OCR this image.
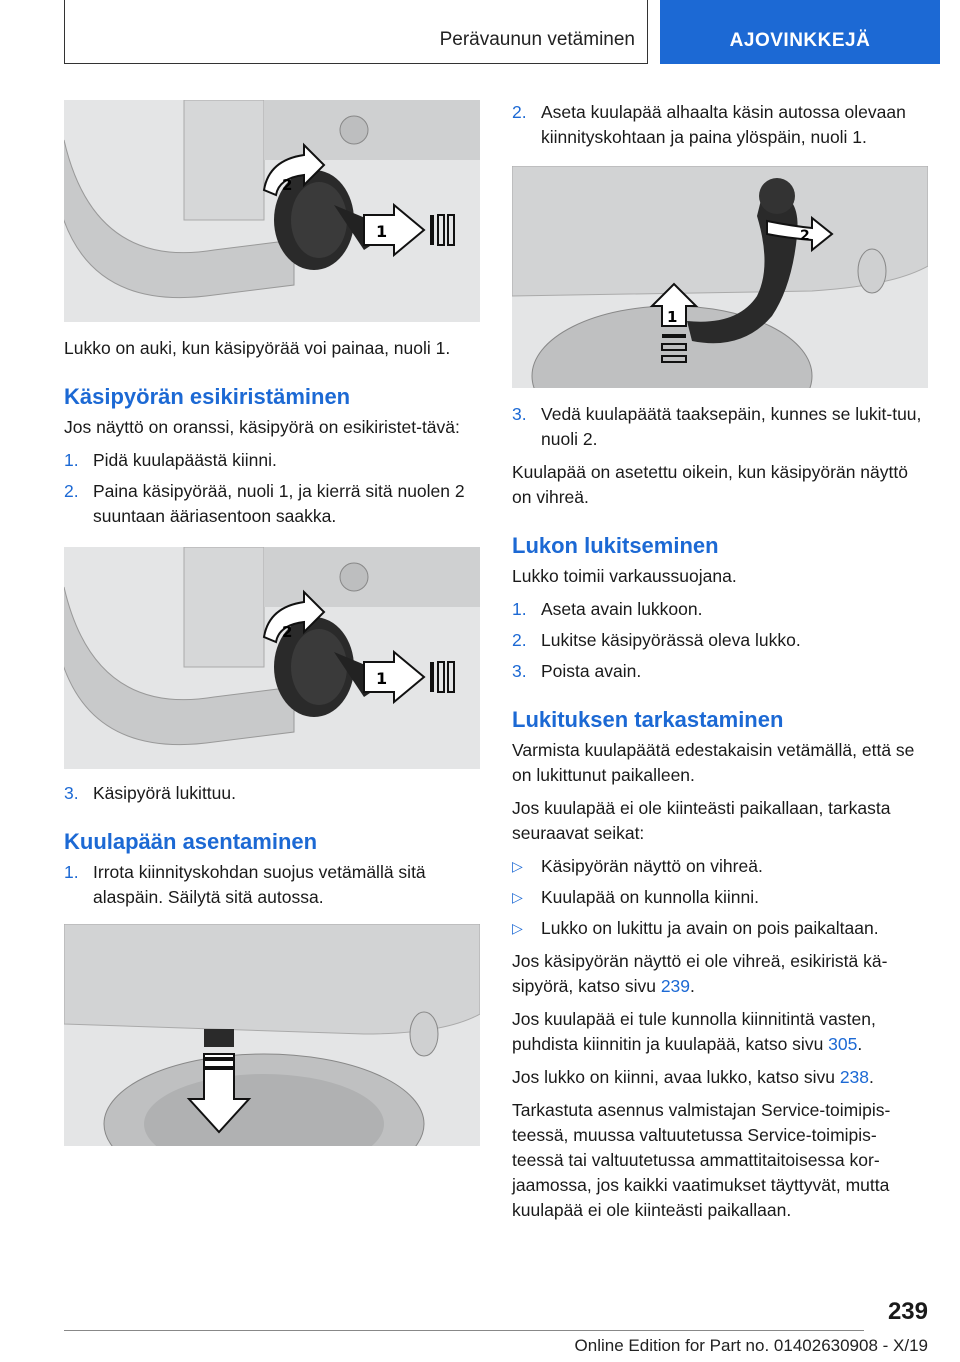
Perävaunun vetäminen	AJOVINKKEJÄ
1
2

Lukko on auki, kun käsipyörää voi painaa, nuoli 1.

Käsipyörän esikiristäminen

Jos näyttö on oranssi, käsipyörä on esikiristet‐tävä:

1. Pidä kuulapäästä kiinni.
2. Paina käsipyörää, nuoli 1, ja kierrä sitä nuolen 2 suuntaan ääriasentoon saakka.
1
2
3. Käsipyörä lukittuu.
Kuulapään asentaminen
1. Irrota kiinnityskohdan suojus vetämällä sitä alaspäin. Säilytä sitä autossa.
2. Aseta kuulapää alhaalta käsin autossa olevaan kiinnityskohtaan ja paina ylöspäin, nuoli 1.
1
2
3. Vedä kuulapäätä taaksepäin, kunnes se lukit‐tuu, nuoli 2.

Kuulapää on asetettu oikein, kun käsipyörän näyttö on vihreä.

Lukon lukitseminen

Lukko toimii varkaussuojana.

1. Aseta avain lukkoon.
2. Lukitse käsipyörässä oleva lukko.
3. Poista avain.
Lukituksen tarkastaminen

Varmista kuulapäätä edestakaisin vetämällä, että se on lukittunut paikalleen.

Jos kuulapää ei ole kiinteästi paikallaan, tarkasta seuraavat seikat:

▷	Käsipyörän näyttö on vihreä.
▷	Kuulapää on kunnolla kiinni.
▷	Lukko on lukittu ja avain on pois paikaltaan.

Jos käsipyörän näyttö ei ole vihreä, esikiristä kä‐sipyörä, katso sivu 239.

Jos kuulapää ei tule kunnolla kiinnitintä vasten, puhdista kiinnitin ja kuulapää, katso sivu 305.

Jos lukko on kiinni, avaa lukko, katso sivu 238.

Tarkastuta asennus valmistajan Service-toimipis‐teessä, muussa valtuutetussa Service-toimipis‐teessä tai valtuutetussa ammattitaitoisessa kor‐jaamossa, jos kaikki vaatimukset täyttyvät, mutta kuulapää ei ole kiinteästi paikallaan.

239
Online Edition for Part no. 01402630908 - X/19
